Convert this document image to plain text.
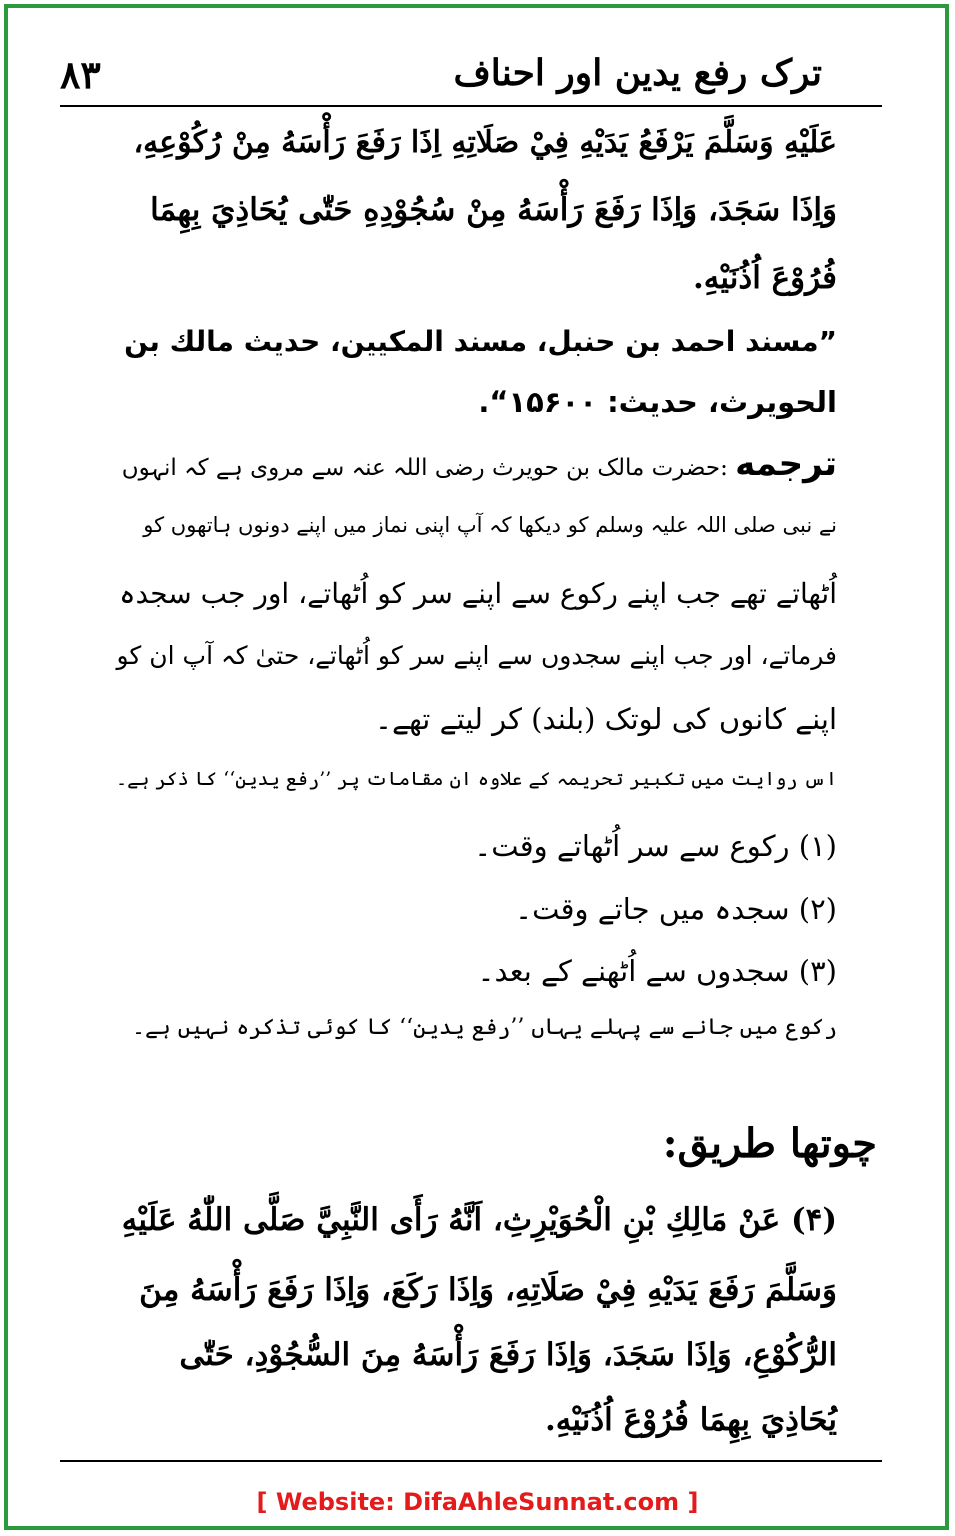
۸۳	ترک رفع یدین اور احناف
عَلَيْهِ وَسَلَّمَ يَرْفَعُ يَدَيْهِ فِيْ صَلَاتِهِ اِذَا رَفَعَ رَأْسَهُ مِنْ رُكُوْعِهِ،
وَاِذَا سَجَدَ، وَاِذَا رَفَعَ رَأْسَهُ مِنْ سُجُوْدِهِ حَتّٰى يُحَاذِيَ بِهِمَا
فُرُوْعَ اُذُنَيْهِ.
”مسند احمد بن حنبل، مسند المكيين، حديث مالك بن
الحويرث، حديث: ۱۵۶۰۰“.
ترجمه :حضرت مالک بن حویرث رضی اللہ عنہ سے مروی ہے کہ انہوں
نے نبی صلی اللہ علیہ وسلم کو دیکھا کہ آپ اپنی نماز میں اپنے دونوں ہاتھوں کو
اُٹھاتے تھے جب اپنے رکوع سے اپنے سر کو اُٹھاتے، اور جب سجدہ
فرماتے، اور جب اپنے سجدوں سے اپنے سر کو اُٹھاتے، حتیٰ کہ آپ ان کو
اپنے کانوں کی لوتک (بلند) کر لیتے تھے۔
اس روایت میں تکبیر تحریمہ کے علاوہ ان مقامات پر ’’رفع یدین‘‘ کا ذکر ہے۔
(۱) رکوع سے سر اُٹھاتے وقت۔
(۲) سجدہ میں جاتے وقت۔
(۳) سجدوں سے اُٹھنے کے بعد۔
رکوع میں جانے سے پہلے یہاں ’’رفع یدین‘‘ کا کوئی تذکرہ نہیں ہے۔
چوتھا طریق:
(۴) عَنْ مَالِكِ بْنِ الْحُوَيْرِثِ، اَنَّهُ رَأَى النَّبِيَّ صَلَّى اللّٰهُ عَلَيْهِ
وَسَلَّمَ رَفَعَ يَدَيْهِ فِيْ صَلَاتِهِ، وَاِذَا رَكَعَ، وَاِذَا رَفَعَ رَأْسَهُ مِنَ
الرُّكُوْعِ، وَاِذَا سَجَدَ، وَاِذَا رَفَعَ رَأْسَهُ مِنَ السُّجُوْدِ، حَتّٰى
يُحَاذِيَ بِهِمَا فُرُوْعَ اُذُنَيْهِ.
[ Website: DifaAhleSunnat.com ]
